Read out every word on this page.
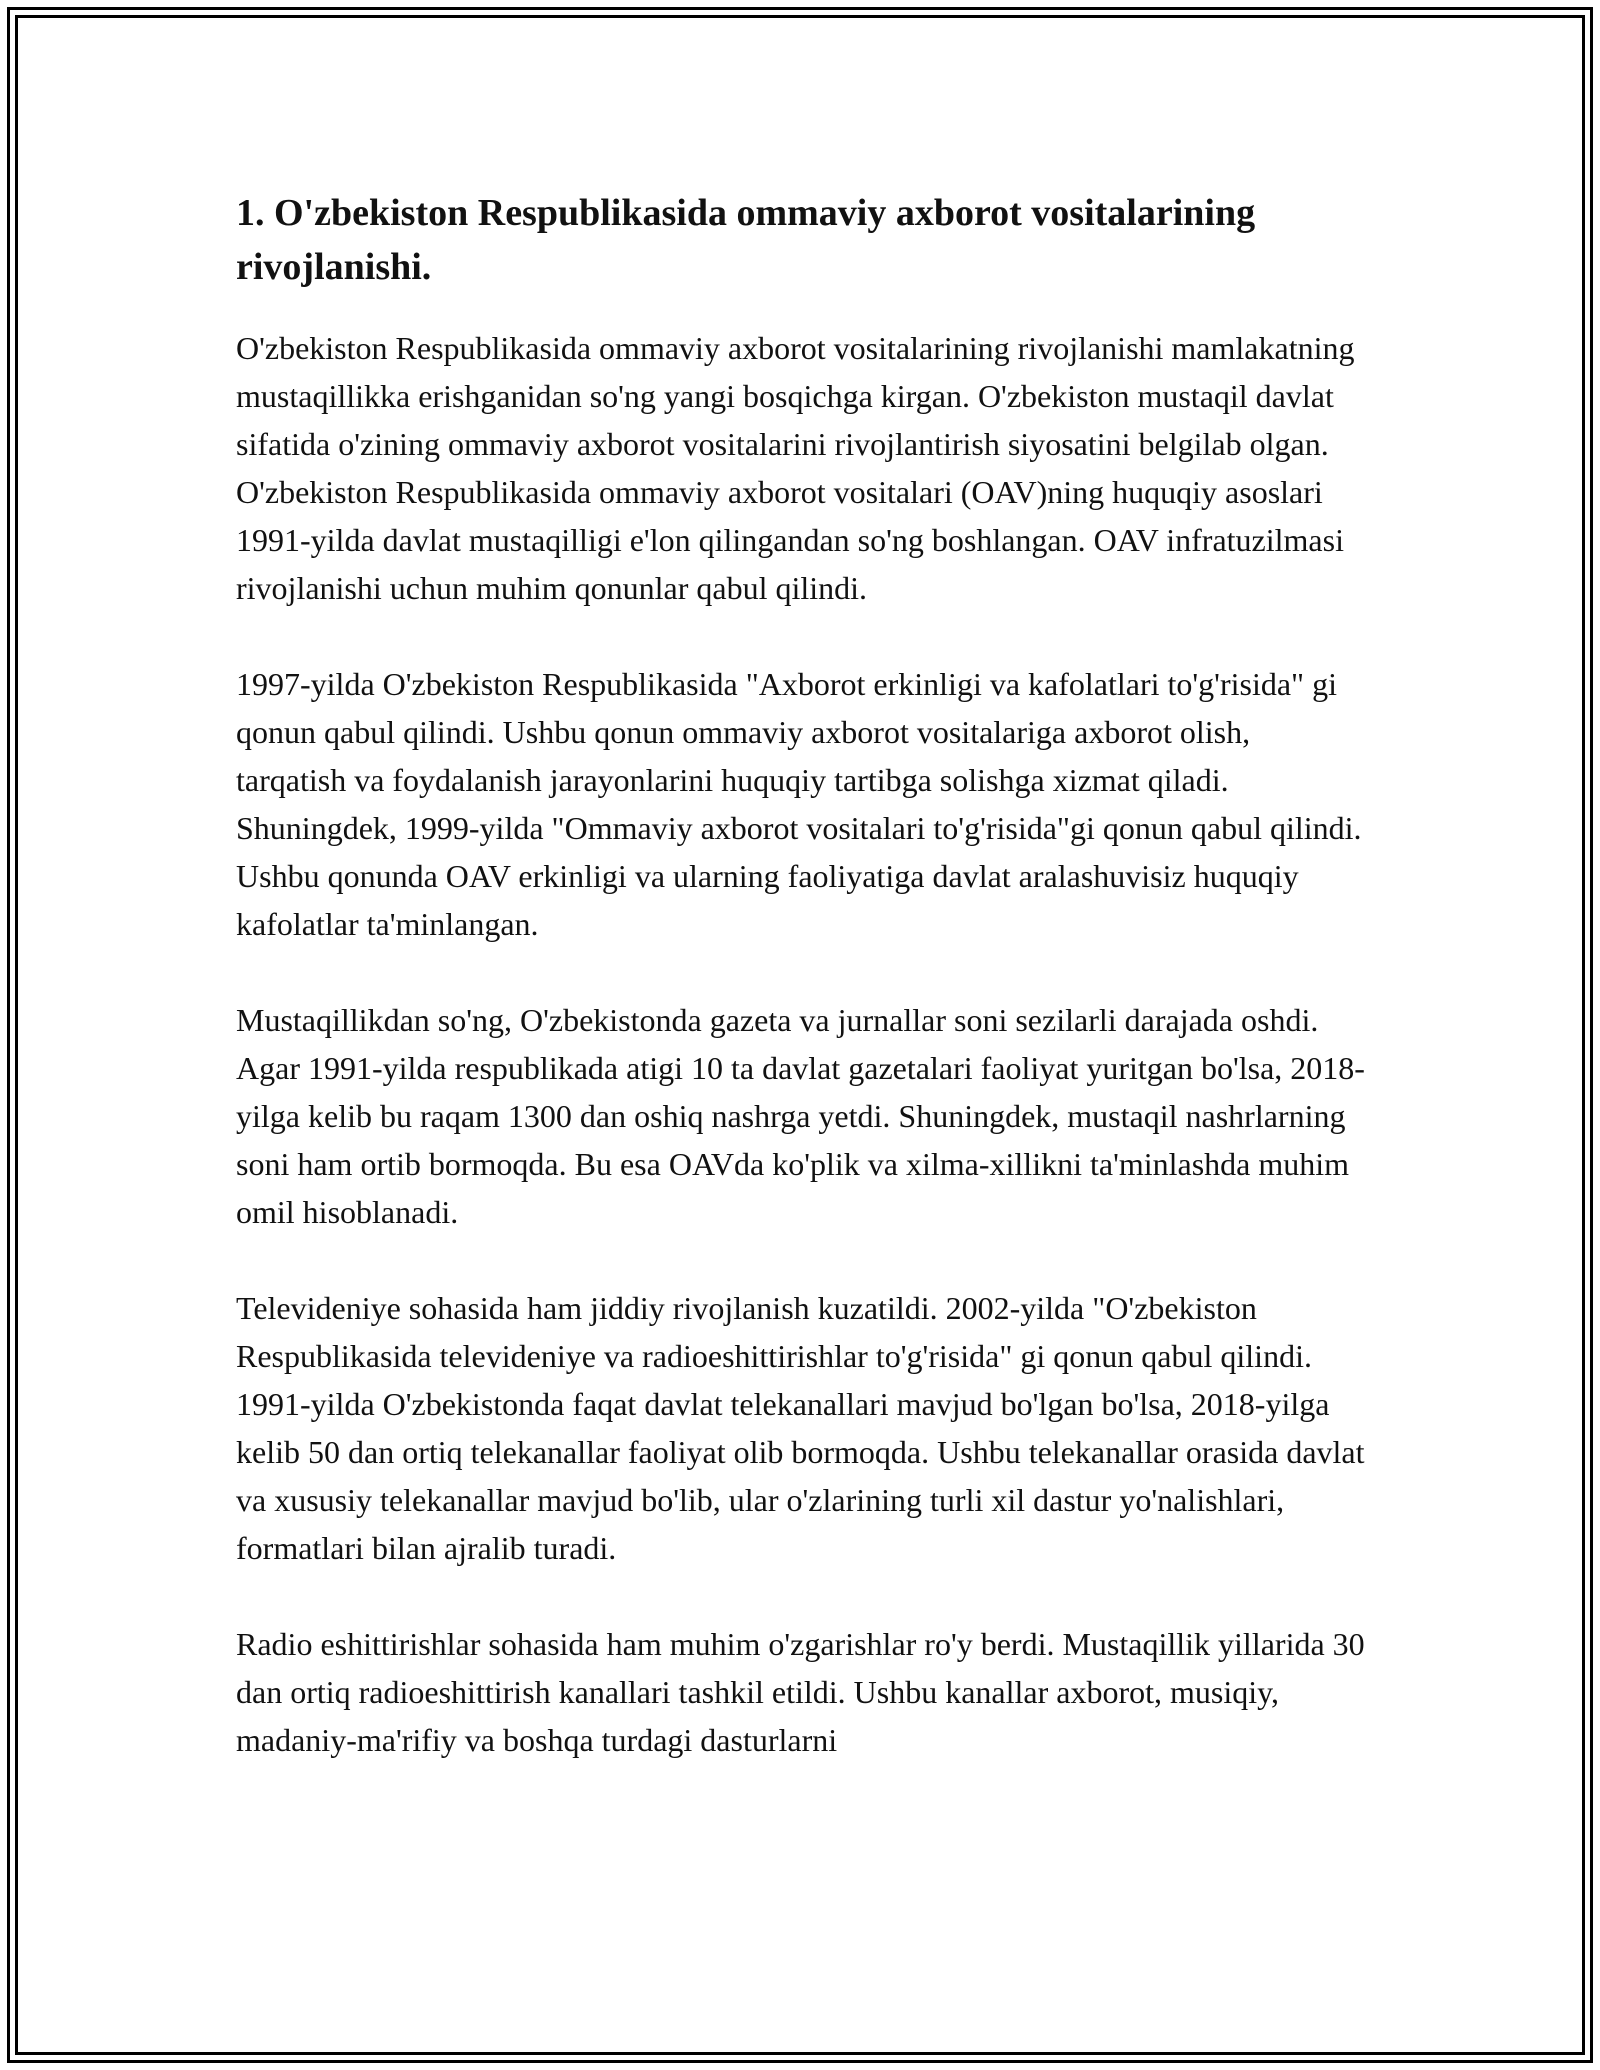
1. O'zbekiston Respublikasida ommaviy axborot vositalarining rivojlanishi.

O'zbekiston Respublikasida ommaviy axborot vositalarining rivojlanishi mamlakatning mustaqillikka erishganidan so'ng yangi bosqichga kirgan. O'zbekiston mustaqil davlat sifatida o'zining ommaviy axborot vositalarini rivojlantirish siyosatini belgilab olgan. O'zbekiston Respublikasida ommaviy axborot vositalari (OAV)ning huquqiy asoslari 1991-yilda davlat mustaqilligi e'lon qilingandan so'ng boshlangan. OAV infratuzilmasi rivojlanishi uchun muhim qonunlar qabul qilindi.

1997-yilda O'zbekiston Respublikasida "Axborot erkinligi va kafolatlari to'g'risida" gi qonun qabul qilindi. Ushbu qonun ommaviy axborot vositalariga axborot olish, tarqatish va foydalanish jarayonlarini huquqiy tartibga solishga xizmat qiladi. Shuningdek, 1999-yilda "Ommaviy axborot vositalari to'g'risida"gi qonun qabul qilindi. Ushbu qonunda OAV erkinligi va ularning faoliyatiga davlat aralashuvisiz huquqiy kafolatlar ta'minlangan.

Mustaqillikdan so'ng, O'zbekistonda gazeta va jurnallar soni sezilarli darajada oshdi. Agar 1991-yilda respublikada atigi 10 ta davlat gazetalari faoliyat yuritgan bo'lsa, 2018-yilga kelib bu raqam 1300 dan oshiq nashrga yetdi. Shuningdek, mustaqil nashrlarning soni ham ortib bormoqda. Bu esa OAVda ko'plik va xilma-xillikni ta'minlashda muhim omil hisoblanadi.

Televideniye sohasida ham jiddiy rivojlanish kuzatildi. 2002-yilda "O'zbekiston Respublikasida televideniye va radioeshittirishlar to'g'risida" gi qonun qabul qilindi. 1991-yilda O'zbekistonda faqat davlat telekanallari mavjud bo'lgan bo'lsa, 2018-yilga kelib 50 dan ortiq telekanallar faoliyat olib bormoqda. Ushbu telekanallar orasida davlat va xususiy telekanallar mavjud bo'lib, ular o'zlarining turli xil dastur yo'nalishlari, formatlari bilan ajralib turadi.

Radio eshittirishlar sohasida ham muhim o'zgarishlar ro'y berdi. Mustaqillik yillarida 30 dan ortiq radioeshittirish kanallari tashkil etildi. Ushbu kanallar axborot, musiqiy, madaniy-ma'rifiy va boshqa turdagi dasturlarni
